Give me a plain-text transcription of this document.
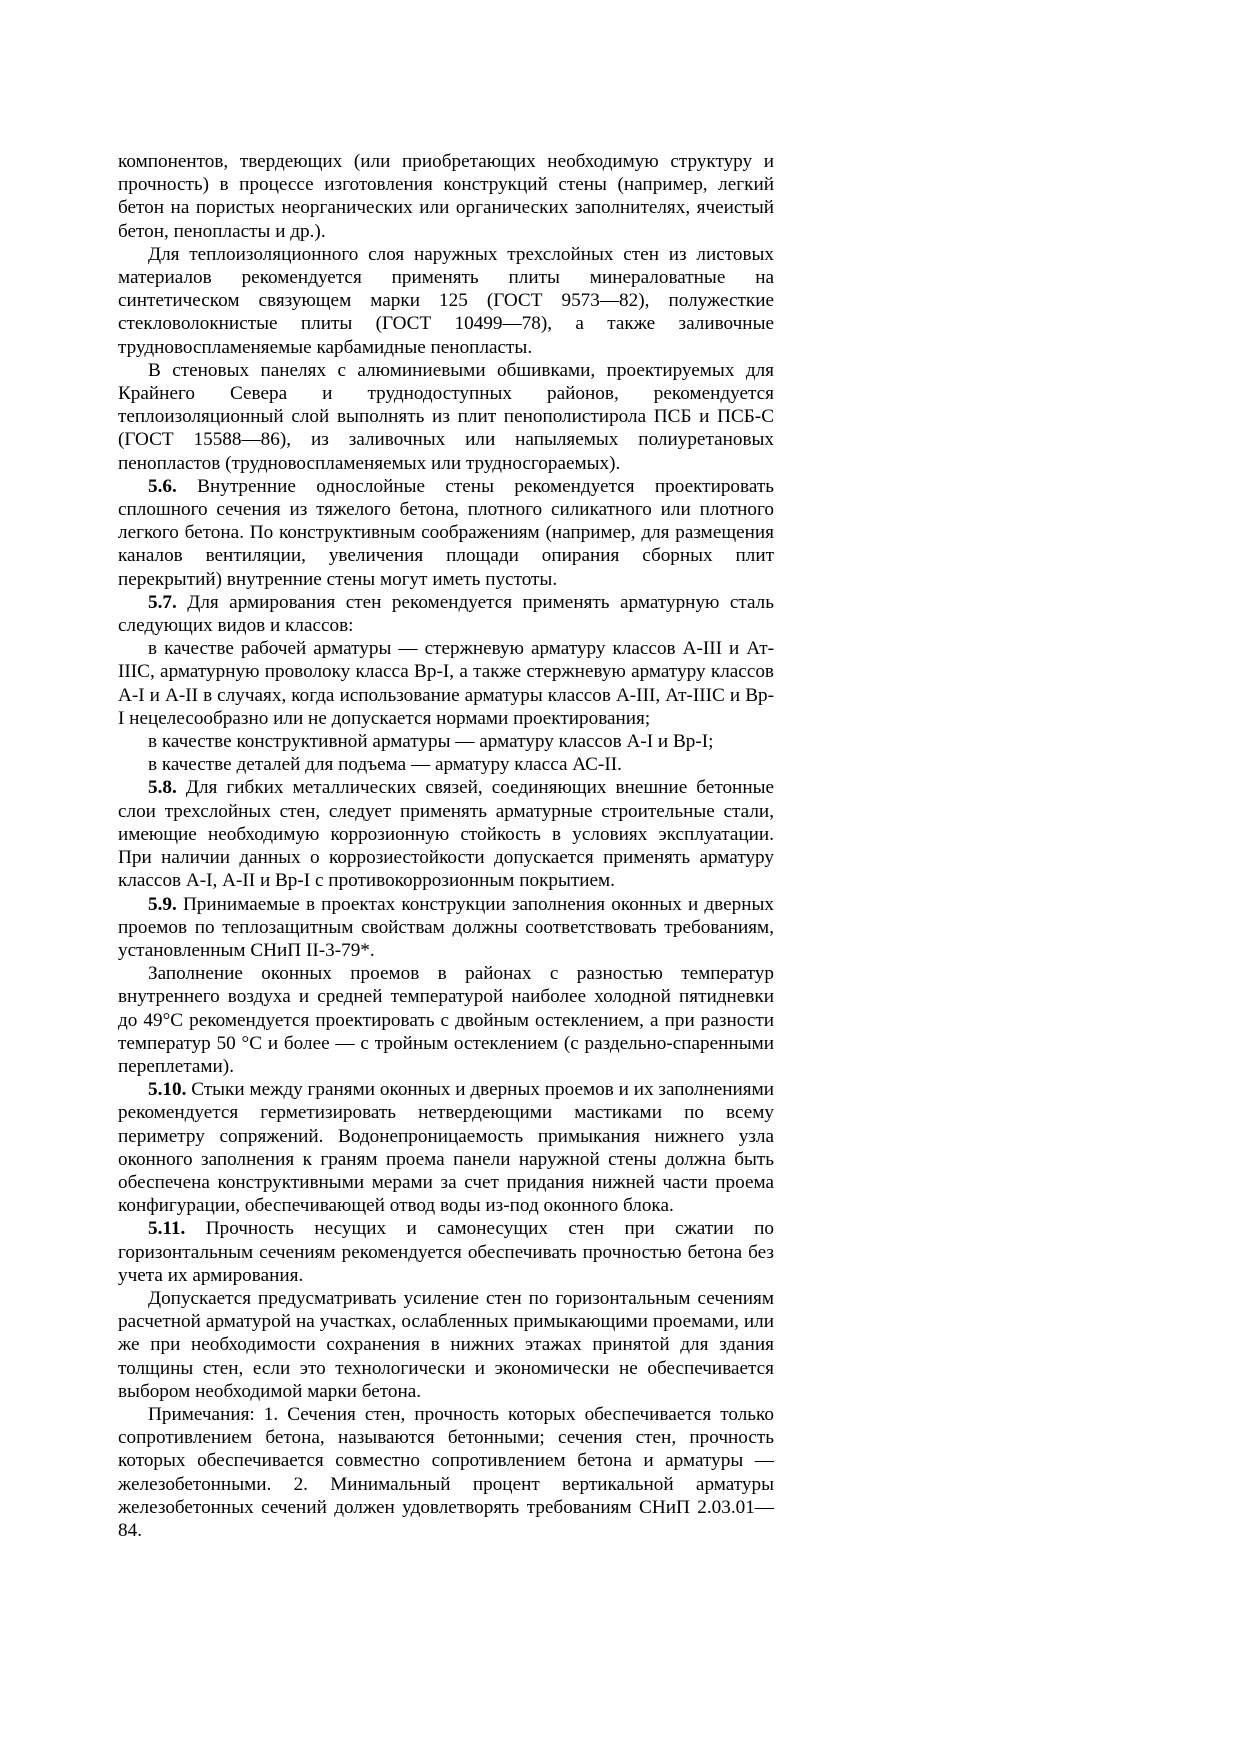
компонентов, твердеющих (или приобретающих необходимую структуру и прочность) в процессе изготовления конструкций стены (например, легкий бетон на пористых неорганических или органических заполнителях, ячеистый бетон, пенопласты и др.).

Для теплоизоляционного слоя наружных трехслойных стен из листовых материалов рекомендуется применять плиты минераловатные на синтетическом связующем марки 125 (ГОСТ 9573—82), полужесткие стекловолокнистые плиты (ГОСТ 10499—78), а также заливочные трудновоспламеняемые карбамидные пенопласты.

В стеновых панелях с алюминиевыми обшивками, проектируемых для Крайнего Севера и труднодоступных районов, рекомендуется теплоизоляционный слой выполнять из плит пенополистирола ПСБ и ПСБ-С (ГОСТ 15588—86), из заливочных или напыляемых полиуретановых пенопластов (трудновоспламеняемых или трудносгораемых).

5.6. Внутренние однослойные стены рекомендуется проектировать сплошного сечения из тяжелого бетона, плотного силикатного или плотного легкого бетона. По конструктивным соображениям (например, для размещения каналов вентиляции, увеличения площади опирания сборных плит перекрытий) внутренние стены могут иметь пустоты.

5.7. Для армирования стен рекомендуется применять арматурную сталь следующих видов и классов:

в качестве рабочей арматуры — стержневую арматуру классов А-III и Ат-IIIС, арматурную проволоку класса Вр-I, а также стержневую арматуру классов А-I и А-II в случаях, когда использование арматуры классов А-III, Ат-IIIС и Вр-I нецелесообразно или не допускается нормами проектирования;

в качестве конструктивной арматуры — арматуру классов А-I и Вр-I;

в качестве деталей для подъема — арматуру класса АС-II.

5.8. Для гибких металлических связей, соединяющих внешние бетонные слои трехслойных стен, следует применять арматурные строительные стали, имеющие необходимую коррозионную стойкость в условиях эксплуатации. При наличии данных о коррозиестойкости допускается применять арматуру классов А-I, А-II и Вр-I с противокоррозионным покрытием.

5.9. Принимаемые в проектах конструкции заполнения оконных и дверных проемов по теплозащитным свойствам должны соответствовать требованиям, установленным СНиП II-3-79*.

Заполнение оконных проемов в районах с разностью температур внутреннего воздуха и средней температурой наиболее холодной пятидневки до 49°С рекомендуется проектировать с двойным остеклением, а при разности температур 50 °С и более — с тройным остеклением (с раздельно-спаренными переплетами).

5.10. Стыки между гранями оконных и дверных проемов и их заполнениями рекомендуется герметизировать нетвердеющими мастиками по всему периметру сопряжений. Водонепроницаемость примыкания нижнего узла оконного заполнения к граням проема панели наружной стены должна быть обеспечена конструктивными мерами за счет придания нижней части проема конфигурации, обеспечивающей отвод воды из-под оконного блока.

5.11. Прочность несущих и самонесущих стен при сжатии по горизонтальным сечениям рекомендуется обеспечивать прочностью бетона без учета их армирования.

Допускается предусматривать усиление стен по горизонтальным сечениям расчетной арматурой на участках, ослабленных примыкающими проемами, или же при необходимости сохранения в нижних этажах принятой для здания толщины стен, если это технологически и экономически не обеспечивается выбором необходимой марки бетона.

Примечания: 1. Сечения стен, прочность которых обеспечивается только сопротивлением бетона, называются бетонными; сечения стен, прочность которых обеспечивается совместно сопротивлением бетона и арматуры — железобетонными. 2. Минимальный процент вертикальной арматуры железобетонных сечений должен удовлетворять требованиям СНиП 2.03.01—84.
